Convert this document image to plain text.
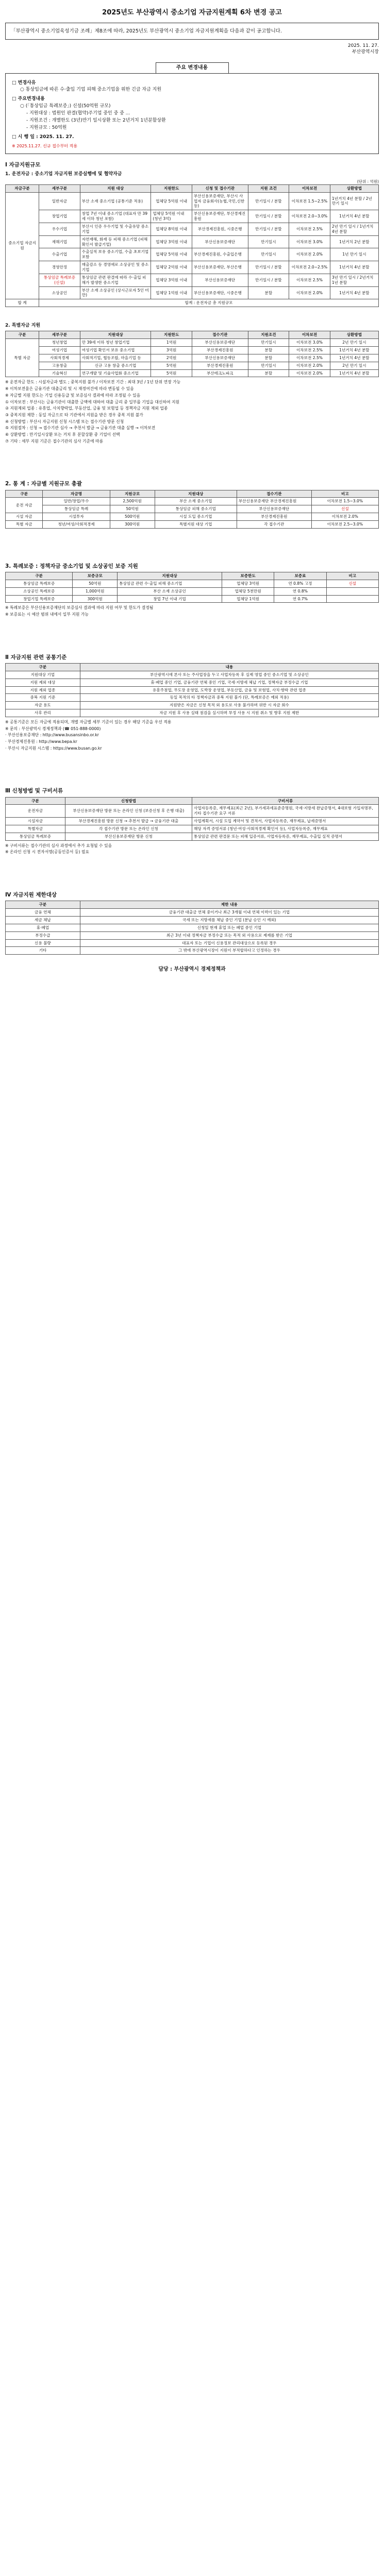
2025년도 부산광역시 중소기업 자금지원계획 6차 변경 공고
「부산광역시 중소기업육성기금 조례」제8조에 따라, 2025년도 부산광역시 중소기업 자금지원계획을 다음과 같이 공고합니다.
2025. 11. 27.
부산광역시장
주요 변경내용
□ 변경사유
○ 통상임금에 따른 수·출입 기업 피해 중소기업을 위한 긴급 자금 지원
□ 주요변경내용
○ (「통상임금 특례보증」) 신설(50억원 규모)
- 지원대상 : 법원인 판결(협약)주기업 중인 중 중 ...
- 지원조건 : 개별한도 (3년)만기 일시상환 또는 2년거치 1년분할상환
- 지원규모 : 50억원
□ 시 행 일 : 2025. 11. 27.
※ 2025.11.27. 신규 접수부터 적용
Ⅰ 자금지원규모
1. 운전자금 : 중소기업 자금지원 보증실행에 및 협약자금
(단위 : 억원)
자금구분	세부구분	지원 대상	지원한도	신청 및 접수기관	지원 조건	이차보전	상환방법
중소기업 자금지원	일반자금	부산 소재 중소기업 (공통기준 적용)	업체당 5억원 이내	부산신용보증재단, 부산시 사업자 금융회사(농협,국민,신한 등)	만기일시 / 분할	이차보전 1.5~2.5%	1년거치 4년 분할 / 2년 만기 일시
	창업기업	창업 7년 이내 중소기업 (대표자 만 39세 이하 청년 포함)	업체당 5억원 이내 (청년 3억)	부산신용보증재단, 부산경제진흥원	만기일시 / 분할	이차보전 2.0~3.0%	1년거치 4년 분할
	우수기업	부산시 인증 우수기업 및 수출유망 중소기업	업체당 8억원 이내	부산경제진흥원, 시중은행	만기일시 / 분할	이차보전 2.5%	2년 만기 일시 / 1년거치 4년 분할
	재해기업	자연재해, 화재 등 피해 중소기업 (피해확인서 발급기업)	업체당 3억원 이내	부산신용보증재단	만기일시	이차보전 3.0%	1년거치 2년 분할
	수출기업	수출실적 보유 중소기업, 수출 초보기업 포함	업체당 5억원 이내	부산경제진흥원, 수출입은행	만기일시	이차보전 2.0%	1년 만기 일시
	경영안정	매출감소 등 경영애로 소상공인 및 중소기업	업체당 2억원 이내	부산신용보증재단, 부산은행	만기일시 / 분할	이차보전 2.0~2.5%	1년거치 4년 분할
	통상임금 특례보증 (신설)	통상임금 관련 판결에 따라 수·출입 피해가 발생한 중소기업	업체당 3억원 이내	부산신용보증재단	만기일시 / 분할	이차보전 2.5%	3년 만기 일시 / 2년거치 1년 분할
	소상공인	부산 소재 소상공인 (상시근로자 5인 미만)	업체당 1억원 이내	부산신용보증재단, 시중은행	분할	이차보전 2.0%	1년거치 4년 분할
합 계	합계 : 운전자금 총 지원규모						
2. 특별자금 지원
구분	세부구분	지원대상	지원한도	접수기관	지원조건	이차보전	상환방법
특별 자금	청년창업	만 39세 이하 청년 창업기업	1억원	부산신용보증재단	만기일시	이차보전 3.0%	2년 만기 일시
	여성기업	여성기업 확인서 보유 중소기업	3억원	부산경제진흥원	분할	이차보전 2.5%	1년거치 4년 분할
	사회적경제	사회적기업, 협동조합, 마을기업 등	2억원	부산신용보증재단	분할	이차보전 2.5%	1년거치 4년 분할
	고용창출	신규 고용 창출 중소기업	5억원	부산경제진흥원	만기일시	이차보전 2.0%	2년 만기 일시
	기술혁신	연구개발 및 기술사업화 중소기업	5억원	부산테크노파크	분할	이차보전 2.0%	1년거치 4년 분할
※ 운전자금 한도 : 시설자금과 별도 ; 중복지원 불가 / 이차보전 기간 : 최대 3년 / 1년 단위 연장 가능
※ 이차보전율은 금융기관 대출금리 및 시 재정여건에 따라 변동될 수 있음
※ 자금별 지원 한도는 기업 신용등급 및 보증심사 결과에 따라 조정될 수 있음
① 이차보전 : 부산시는 금융기관이 대출한 금액에 대하여 대출 금리 중 일부를 기업을 대신하여 지원
② 지원제외 업종 : 유흥업, 사치향락업, 부동산업, 금융 및 보험업 등 정책자금 지원 제외 업종
③ 중복지원 제한 : 동일 자금으로 타 기관에서 지원을 받은 경우 중복 지원 불가
④ 신청방법 : 부산시 자금지원 신청 시스템 또는 접수기관 방문 신청
⑤ 지원절차 : 신청 → 접수기관 심사 → 추천서 발급 → 금융기관 대출 실행 → 이차보전
⑥ 상환방법 : 만기일시상환 또는 거치 후 분할상환 중 기업이 선택
⑦ 기타 : 세부 지원 기준은 접수기관의 심사 기준에 따름
2. 통 계 : 자금별 지원규모 총괄
구분	자금명	지원규모	지원대상	접수기관	비고
운전 자금	일반/창업/우수	2,500억원	부산 소재 중소기업	부산신용보증재단 부산경제진흥원	이차보전 1.5~3.0%
	통상임금 특례	50억원	통상임금 피해 중소기업	부산신용보증재단	신설
시설 자금	시설투자	500억원	시설 도입 중소기업	부산경제진흥원	이차보전 2.0%
특별 자금	청년/여성/사회적경제	300억원	특별지원 대상 기업	각 접수기관	이차보전 2.5~3.0%
3. 특례보증 : 정책자금 중소기업 및 소상공인 보증 지원
구분	보증규모	지원대상	보증한도	보증료	비고
통상임금 특례보증	50억원	통상임금 관련 수·출입 피해 중소기업	업체당 3억원	연 0.8% 고정	신설
소상공인 특례보증	1,000억원	부산 소재 소상공인	업체당 5천만원	연 0.8%	
창업기업 특례보증	300억원	창업 7년 이내 기업	업체당 1억원	연 0.7%	
※ 특례보증은 부산신용보증재단의 보증심사 결과에 따라 지원 여부 및 한도가 결정됨
※ 보증료는 시 예산 범위 내에서 일부 지원 가능
Ⅱ 자금지원 관련 공통기준
구분	내용
지원대상 기업	부산광역시에 본사 또는 주사업장을 두고 사업자등록 후 실제 영업 중인 중소기업 및 소상공인
지원 제외 대상	휴·폐업 중인 기업, 금융기관 연체 중인 기업, 국세·지방세 체납 기업, 정책자금 부정수급 기업
지원 제외 업종	유흥주점업, 무도장 운영업, 도박장 운영업, 부동산업, 금융 및 보험업, 사치·향락 관련 업종
중복 지원 기준	동일 목적의 타 정책자금과 중복 지원 불가 (단, 특례보증은 예외 적용)
자금 용도	지원받은 자금은 신청 목적 외 용도로 사용 불가하며 위반 시 자금 회수
사후 관리	자금 지원 후 사용 실태 점검을 실시하며 부정 사용 시 지원 취소 및 향후 지원 제한
※ 공통기준은 모든 자금에 적용되며, 개별 자금별 세부 기준이 있는 경우 해당 기준을 우선 적용
※ 문의 : 부산광역시 경제정책과 (☎ 051-888-0000)
· 부산신용보증재단 : http://www.busansinbo.or.kr
· 부산경제진흥원 : http://www.bepa.kr
· 부산시 자금지원 시스템 : https://www.busan.go.kr
Ⅲ 신청방법 및 구비서류
구분	신청방법	구비서류
운전자금	부산신용보증재단 방문 또는 온라인 신청 (보증신청 후 은행 대출)	사업자등록증, 재무제표(최근 2년), 부가세과세표준증명원, 국세·지방세 완납증명서, 4대보험 가입자명부, 기타 접수기관 요구 서류
시설자금	부산경제진흥원 방문 신청 → 추천서 발급 → 금융기관 대출	사업계획서, 시설 도입 계약서 및 견적서, 사업자등록증, 재무제표, 납세증명서
특별자금	각 접수기관 방문 또는 온라인 신청	해당 자격 증빙서류 (청년·여성·사회적경제 확인서 등), 사업자등록증, 재무제표
통상임금 특례보증	부산신용보증재단 방문 신청	통상임금 관련 판결문 또는 피해 입증서류, 사업자등록증, 재무제표, 수출입 실적 증명서
※ 구비서류는 접수기관의 심사 과정에서 추가 요청될 수 있음
※ 온라인 신청 시 전자서명(공동인증서 등) 필요
Ⅳ 자금지원 제한대상
구분	제한 내용
금융 연체	금융기관 대출금 연체 중이거나 최근 3개월 이내 연체 이력이 있는 기업
세금 체납	국세 또는 지방세를 체납 중인 기업 (분납 승인 시 예외)
휴·폐업	신청일 현재 휴업 또는 폐업 중인 기업
부정수급	최근 3년 이내 정책자금 부정수급 또는 목적 외 사용으로 제재를 받은 기업
신용 불량	대표자 또는 기업이 신용정보 관리대상으로 등록된 경우
기타	그 밖에 부산광역시장이 지원이 부적합하다고 인정하는 경우
담당 : 부산광역시 경제정책과
